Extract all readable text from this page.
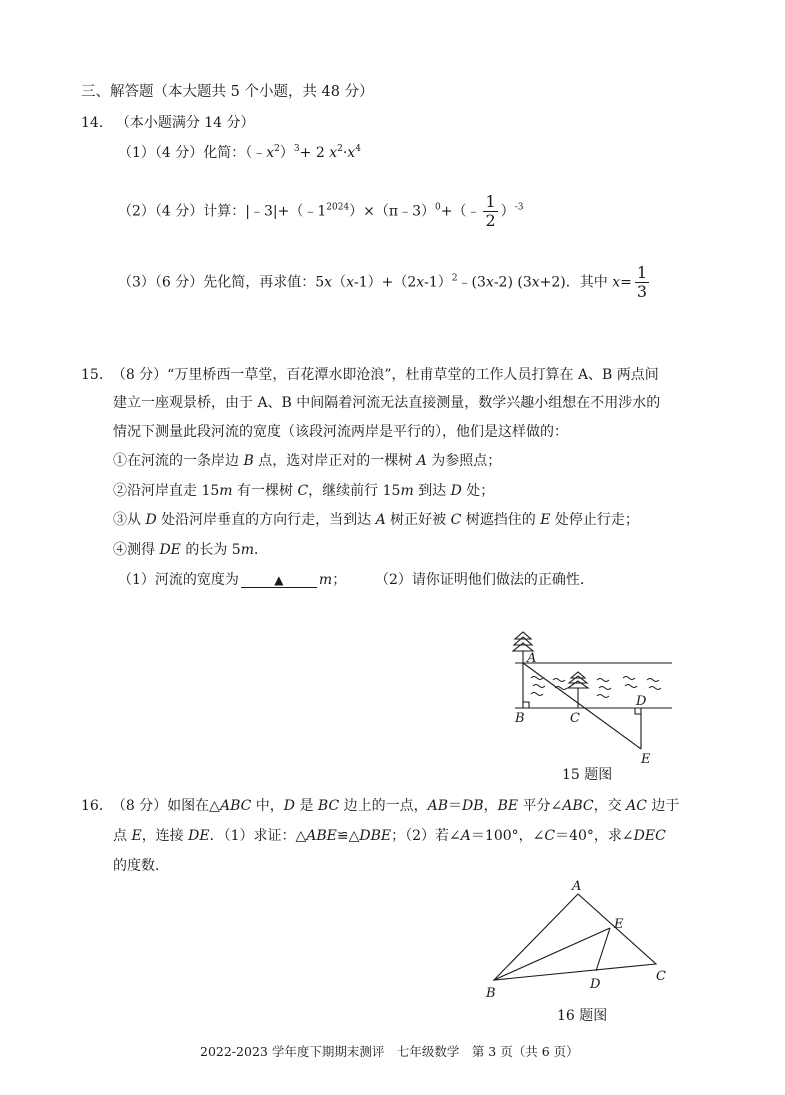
三、解答题（本大题共 5 个小题，共 48 分）
14． （本小题满分 14 分）
（1）（4 分）化简：$(﹣x^2)^3+ 2$ $x^2\cdot x^4$
（2）（4 分）计算：$|﹣3|+(﹣1^{2024})\times(\pi﹣3)^0+(﹣ \frac{1}{2} )^{-3}$
（3）（6 分）先化简，再求值：$5x(x-1)+(2x-1)^2﹣(3x-2)$ (3x+2)．其中 $x= \frac{1}{3}$
15． （8 分）“万里桥西一草堂，百花潭水即沧浪”，杜甫草堂的工作人员打算在 A、B 两点间
建立一座观景桥，由于 A、B 中间隔着河流无法直接测量，数学兴趣小组想在不用涉水的
情况下测量此段河流的宽度（该段河流两岸是平行的），他们是这样做的：
①在河流的一条岸边 B 点，选对岸正对的一棵树 A 为参照点；
②沿河岸直走 15m 有一棵树 C，继续前行 15m 到达 D 处；
③从 D 处沿河岸垂直的方向行走，当到达 A 树正好被 C 树遮挡住的 E 处停止行走；
④测得 DE 的长为 5m．
（1）河流的宽度为	▲	m； （2）请你证明他们做法的正确性．
A
B	C
D
E
15 题图
16． （8 分）如图在△ABC 中，D 是 BC 边上的一点，AB＝DB，BE 平分∠ABC，交 AC 边于
点 E，连接 DE．（1）求证：△ABE≌△DBE；（2）若∠A＝100°，∠C＝40°，求∠DEC
的度数．
A
B
C
D
E
16 题图
2022-2023 学年度下期期末测评　七年级数学　第 3 页（共 6 页）
